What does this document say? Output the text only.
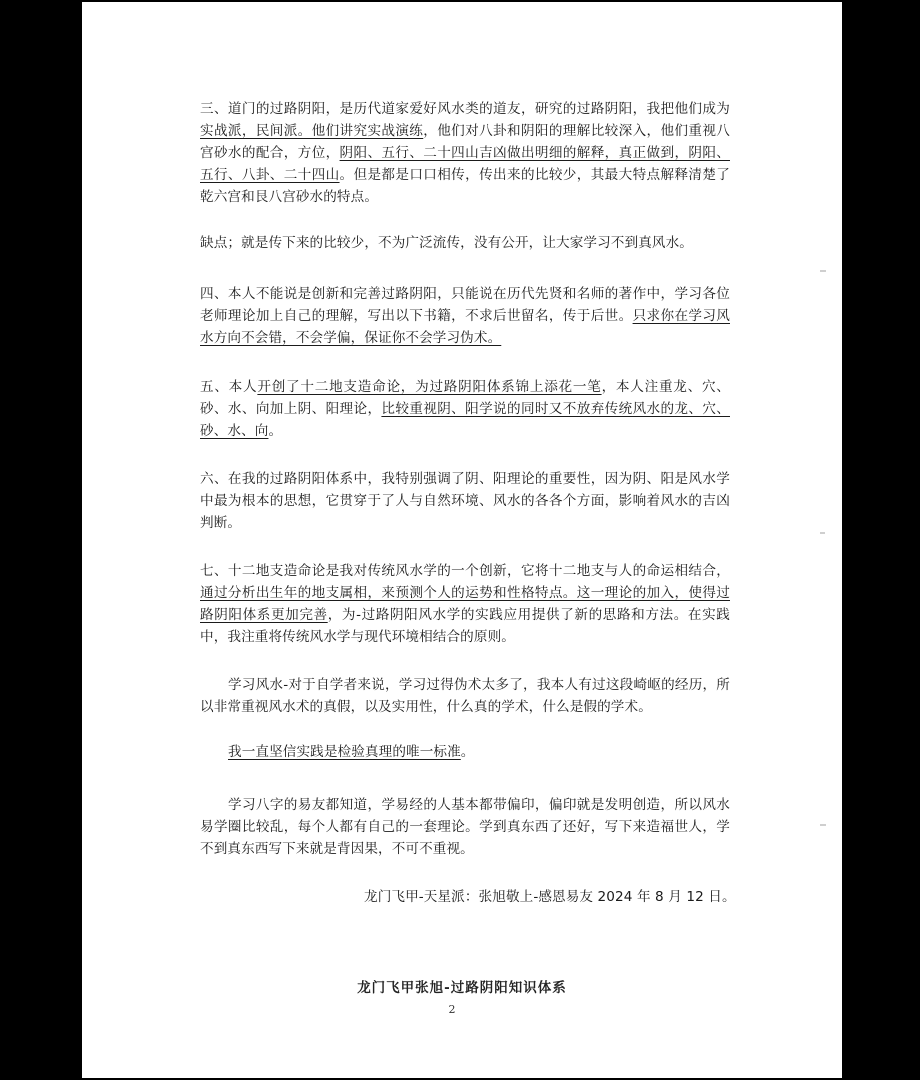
三、道门的过路阴阳，是历代道家爱好风水类的道友，研究的过路阴阳，我把他们成为实战派，民间派。他们讲究实战演练，他们对八卦和阴阳的理解比较深入，他们重视八宫砂水的配合，方位，阴阳、五行、二十四山吉凶做出明细的解释，真正做到，阴阳、五行、八卦、二十四山。但是都是口口相传，传出来的比较少，其最大特点解释清楚了乾六宫和艮八宫砂水的特点。

缺点；就是传下来的比较少，不为广泛流传，没有公开，让大家学习不到真风水。

四、本人不能说是创新和完善过路阴阳，只能说在历代先贤和名师的著作中，学习各位老师理论加上自己的理解，写出以下书籍，不求后世留名，传于后世。只求你在学习风水方向不会错，不会学偏，保证你不会学习伪术。

五、本人开创了十二地支造命论，为过路阴阳体系锦上添花一笔，本人注重龙、穴、砂、水、向加上阴、阳理论，比较重视阴、阳学说的同时又不放弃传统风水的龙、穴、砂、水、向。

六、在我的过路阴阳体系中，我特别强调了阴、阳理论的重要性，因为阴、阳是风水学中最为根本的思想，它贯穿于了人与自然环境、风水的各各个方面，影响着风水的吉凶判断。

七、十二地支造命论是我对传统风水学的一个创新，它将十二地支与人的命运相结合，通过分析出生年的地支属相，来预测个人的运势和性格特点。这一理论的加入，使得过路阴阳体系更加完善，为-过路阴阳风水学的实践应用提供了新的思路和方法。在实践中，我注重将传统风水学与现代环境相结合的原则。

学习风水-对于自学者来说，学习过得伪术太多了，我本人有过这段崎岖的经历，所以非常重视风水术的真假，以及实用性，什么真的学术，什么是假的学术。

我一直坚信实践是检验真理的唯一标准。

学习八字的易友都知道，学易经的人基本都带偏印，偏印就是发明创造，所以风水易学圈比较乱，每个人都有自己的一套理论。学到真东西了还好，写下来造福世人，学不到真东西写下来就是背因果，不可不重视。

龙门飞甲-天星派：张旭敬上-感恩易友 2024 年 8 月 12 日。
龙门飞甲张旭-过路阴阳知识体系
2
